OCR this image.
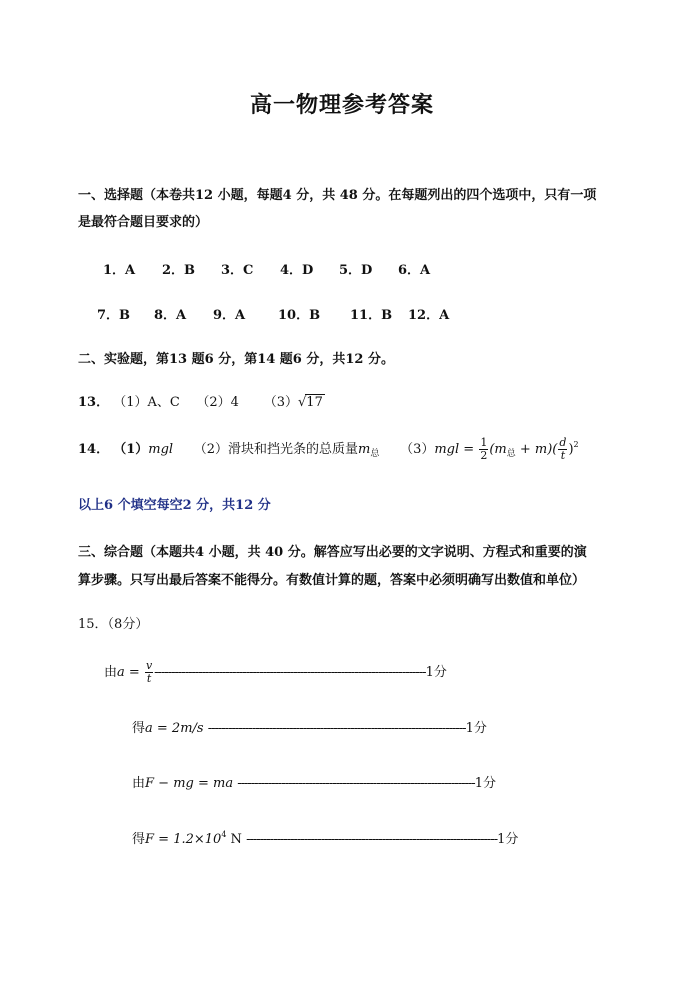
高一物理参考答案
一、选择题（本卷共12 小题，每题4 分，共 48 分。在每题列出的四个选项中，只有一项
是最符合题目要求的）
1．A 2．B 3．C 4．D 5．D 6．A
7．B 8．A 9．A	10．B 11．B 12．A
二、实验题，第13 题6 分，第14 题6 分，共12 分。
13． （1）A、C （2）4 （3）√17
14． （1）mgl （2）滑块和挡光条的总质量$m_总$ $(3)mgl = \frac{1}{2} (m_总 + m)( \frac{d}{t} )^2$
以上6 个填空每空2 分，共12 分
三、综合题（本题共4 小题，共 40 分。解答应写出必要的文字说明、方程式和重要的演
算步骤。只写出最后答案不能得分。有数值计算的题，答案中必须明确写出数值和单位）
15．（8分）
由$a = \frac{v}{t} --------------------------------------------------------------------------------1$分
得a = 2m/s ----------------------------------------------------------------------------1分
由F − mg = ma ----------------------------------------------------------------------1分
得$F = 1.2\times 10^4$ N --------------------------------------------------------------------------1分
